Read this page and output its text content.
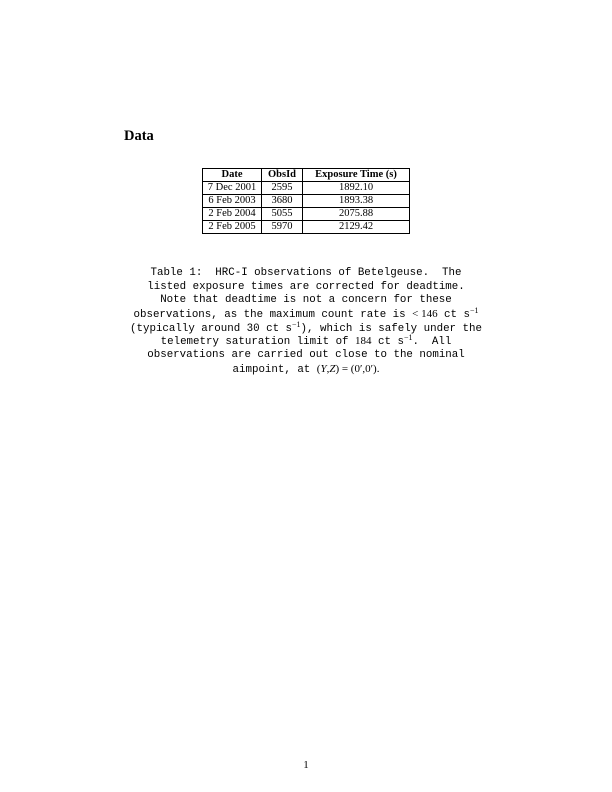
Data
Date	ObsId	Exposure Time (s)
7 Dec 2001	2595	1892.10
6 Feb 2003	3680	1893.38
2 Feb 2004	5055	2075.88
2 Feb 2005	5970	2129.42
Table 1:  HRC-I observations of Betelgeuse.  The
listed exposure times are corrected for deadtime.
Note that deadtime is not a concern for these
observations, as the maximum count rate is < 146 ct $s^{-1}$
(typically around 30 ct $s^{-1}$), which is safely under the
telemetry saturation limit of 184 ct $s^{-1}$.  All
observations are carried out close to the nominal
aimpoint, at (Y,Z) = (0′,0′).
1
